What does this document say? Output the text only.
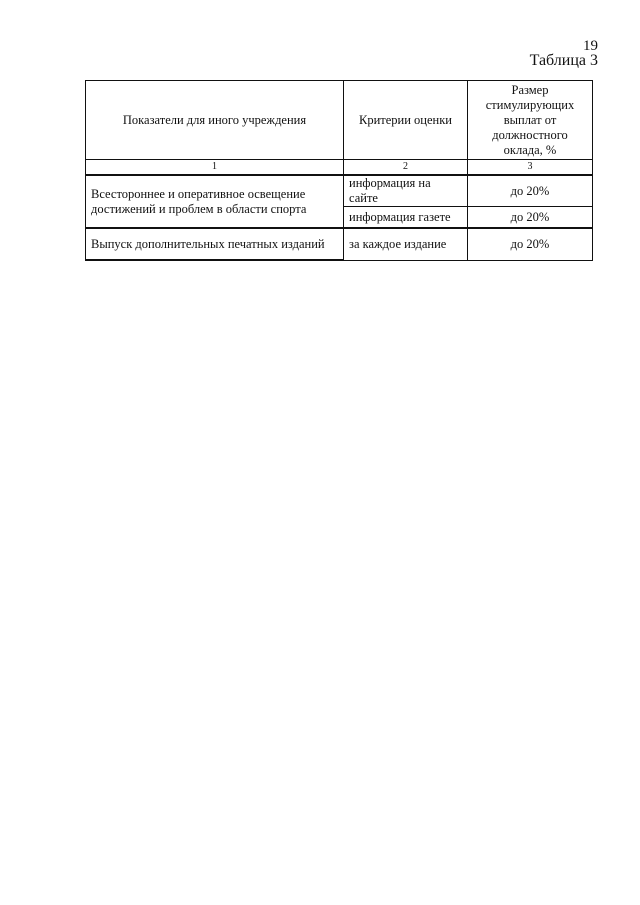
19
Таблица 3
Показатели для иного учреждения	Критерии оценки	Размер стимулирующих выплат от должностного оклада, %
1	2	3
Всестороннее и оперативное освещение достижений и проблем в области спорта	информация на сайте	до 20%
	информация газете	до 20%
Выпуск дополнительных печатных изданий	за каждое издание	до 20%
